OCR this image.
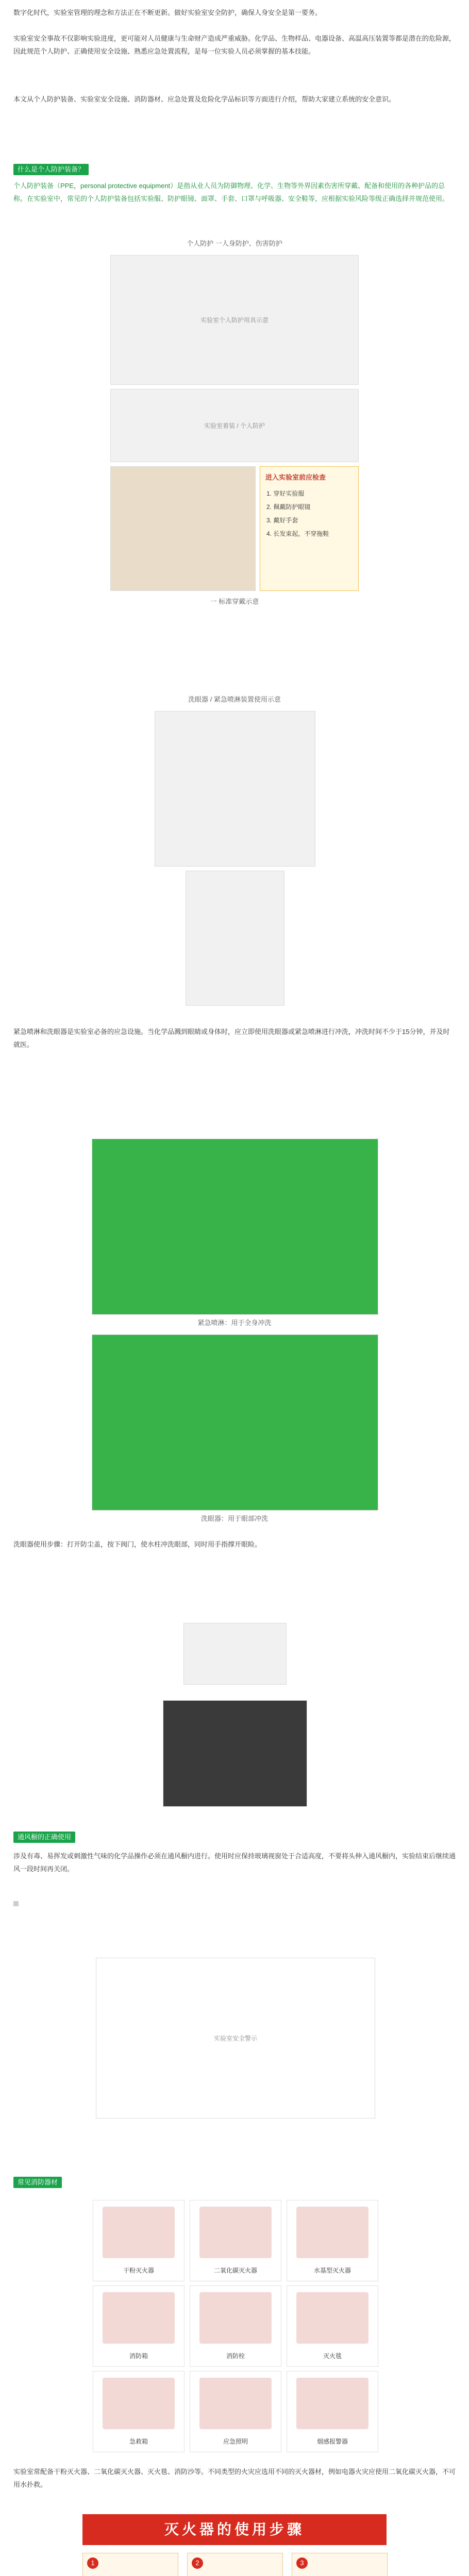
数字化时代，实验室管理的理念和方法正在不断更新。做好实验室安全防护，确保人身安全是第一要务。

实验室安全事故不仅影响实验进度，更可能对人员健康与生命财产造成严重威胁。化学品、生物样品、电器设备、高温高压装置等都是潜在的危险源，因此规范个人防护、正确使用安全设施、熟悉应急处置流程，是每一位实验人员必须掌握的基本技能。

本文从个人防护装备、实验室安全设施、消防器材、应急处置及危险化学品标识等方面进行介绍，帮助大家建立系统的安全意识。

什么是个人防护装备？

个人防护装备（PPE，personal protective equipment）是指从业人员为防御物理、化学、生物等外界因素伤害所穿戴、配备和使用的各种护品的总称。在实验室中，常见的个人防护装备包括实验服、防护眼镜、面罩、手套、口罩与呼吸器、安全鞋等，应根据实验风险等级正确选择并规范使用。

个人防护 一人身防护、伤害防护

实验室个人防护用具示意
实验室着装 / 个人防护
进入实验室前应检查
1. 穿好实验服
2. 佩戴防护眼镜
3. 戴好手套
4. 长发束起，不穿拖鞋

一 标准穿戴示意

洗眼器 / 紧急喷淋装置使用示意

紧急喷淋和洗眼器是实验室必备的应急设施。当化学品溅到眼睛或身体时，应立即使用洗眼器或紧急喷淋进行冲洗，冲洗时间不少于15分钟，并及时就医。

紧急喷淋：用于全身冲洗

洗眼器：用于眼部冲洗

洗眼器使用步骤：打开防尘盖，按下阀门，使水柱冲洗眼部，同时用手指撑开眼睑。

通风橱的正确使用

涉及有毒、易挥发或刺激性气味的化学品操作必须在通风橱内进行。使用时应保持玻璃视窗处于合适高度，不要将头伸入通风橱内，实验结束后继续通风一段时间再关闭。

实验室安全警示
常见消防器材
干粉灭火器	二氧化碳灭火器	水基型灭火器
消防箱	消防栓	灭火毯
急救箱	应急照明	烟感报警器

实验室常配备干粉灭火器、二氧化碳灭火器、灭火毯、消防沙等。不同类型的火灾应选用不同的灭火器材，例如电器火灾应使用二氧化碳灭火器，不可用水扑救。

灭火器的使用步骤
1	2	3
